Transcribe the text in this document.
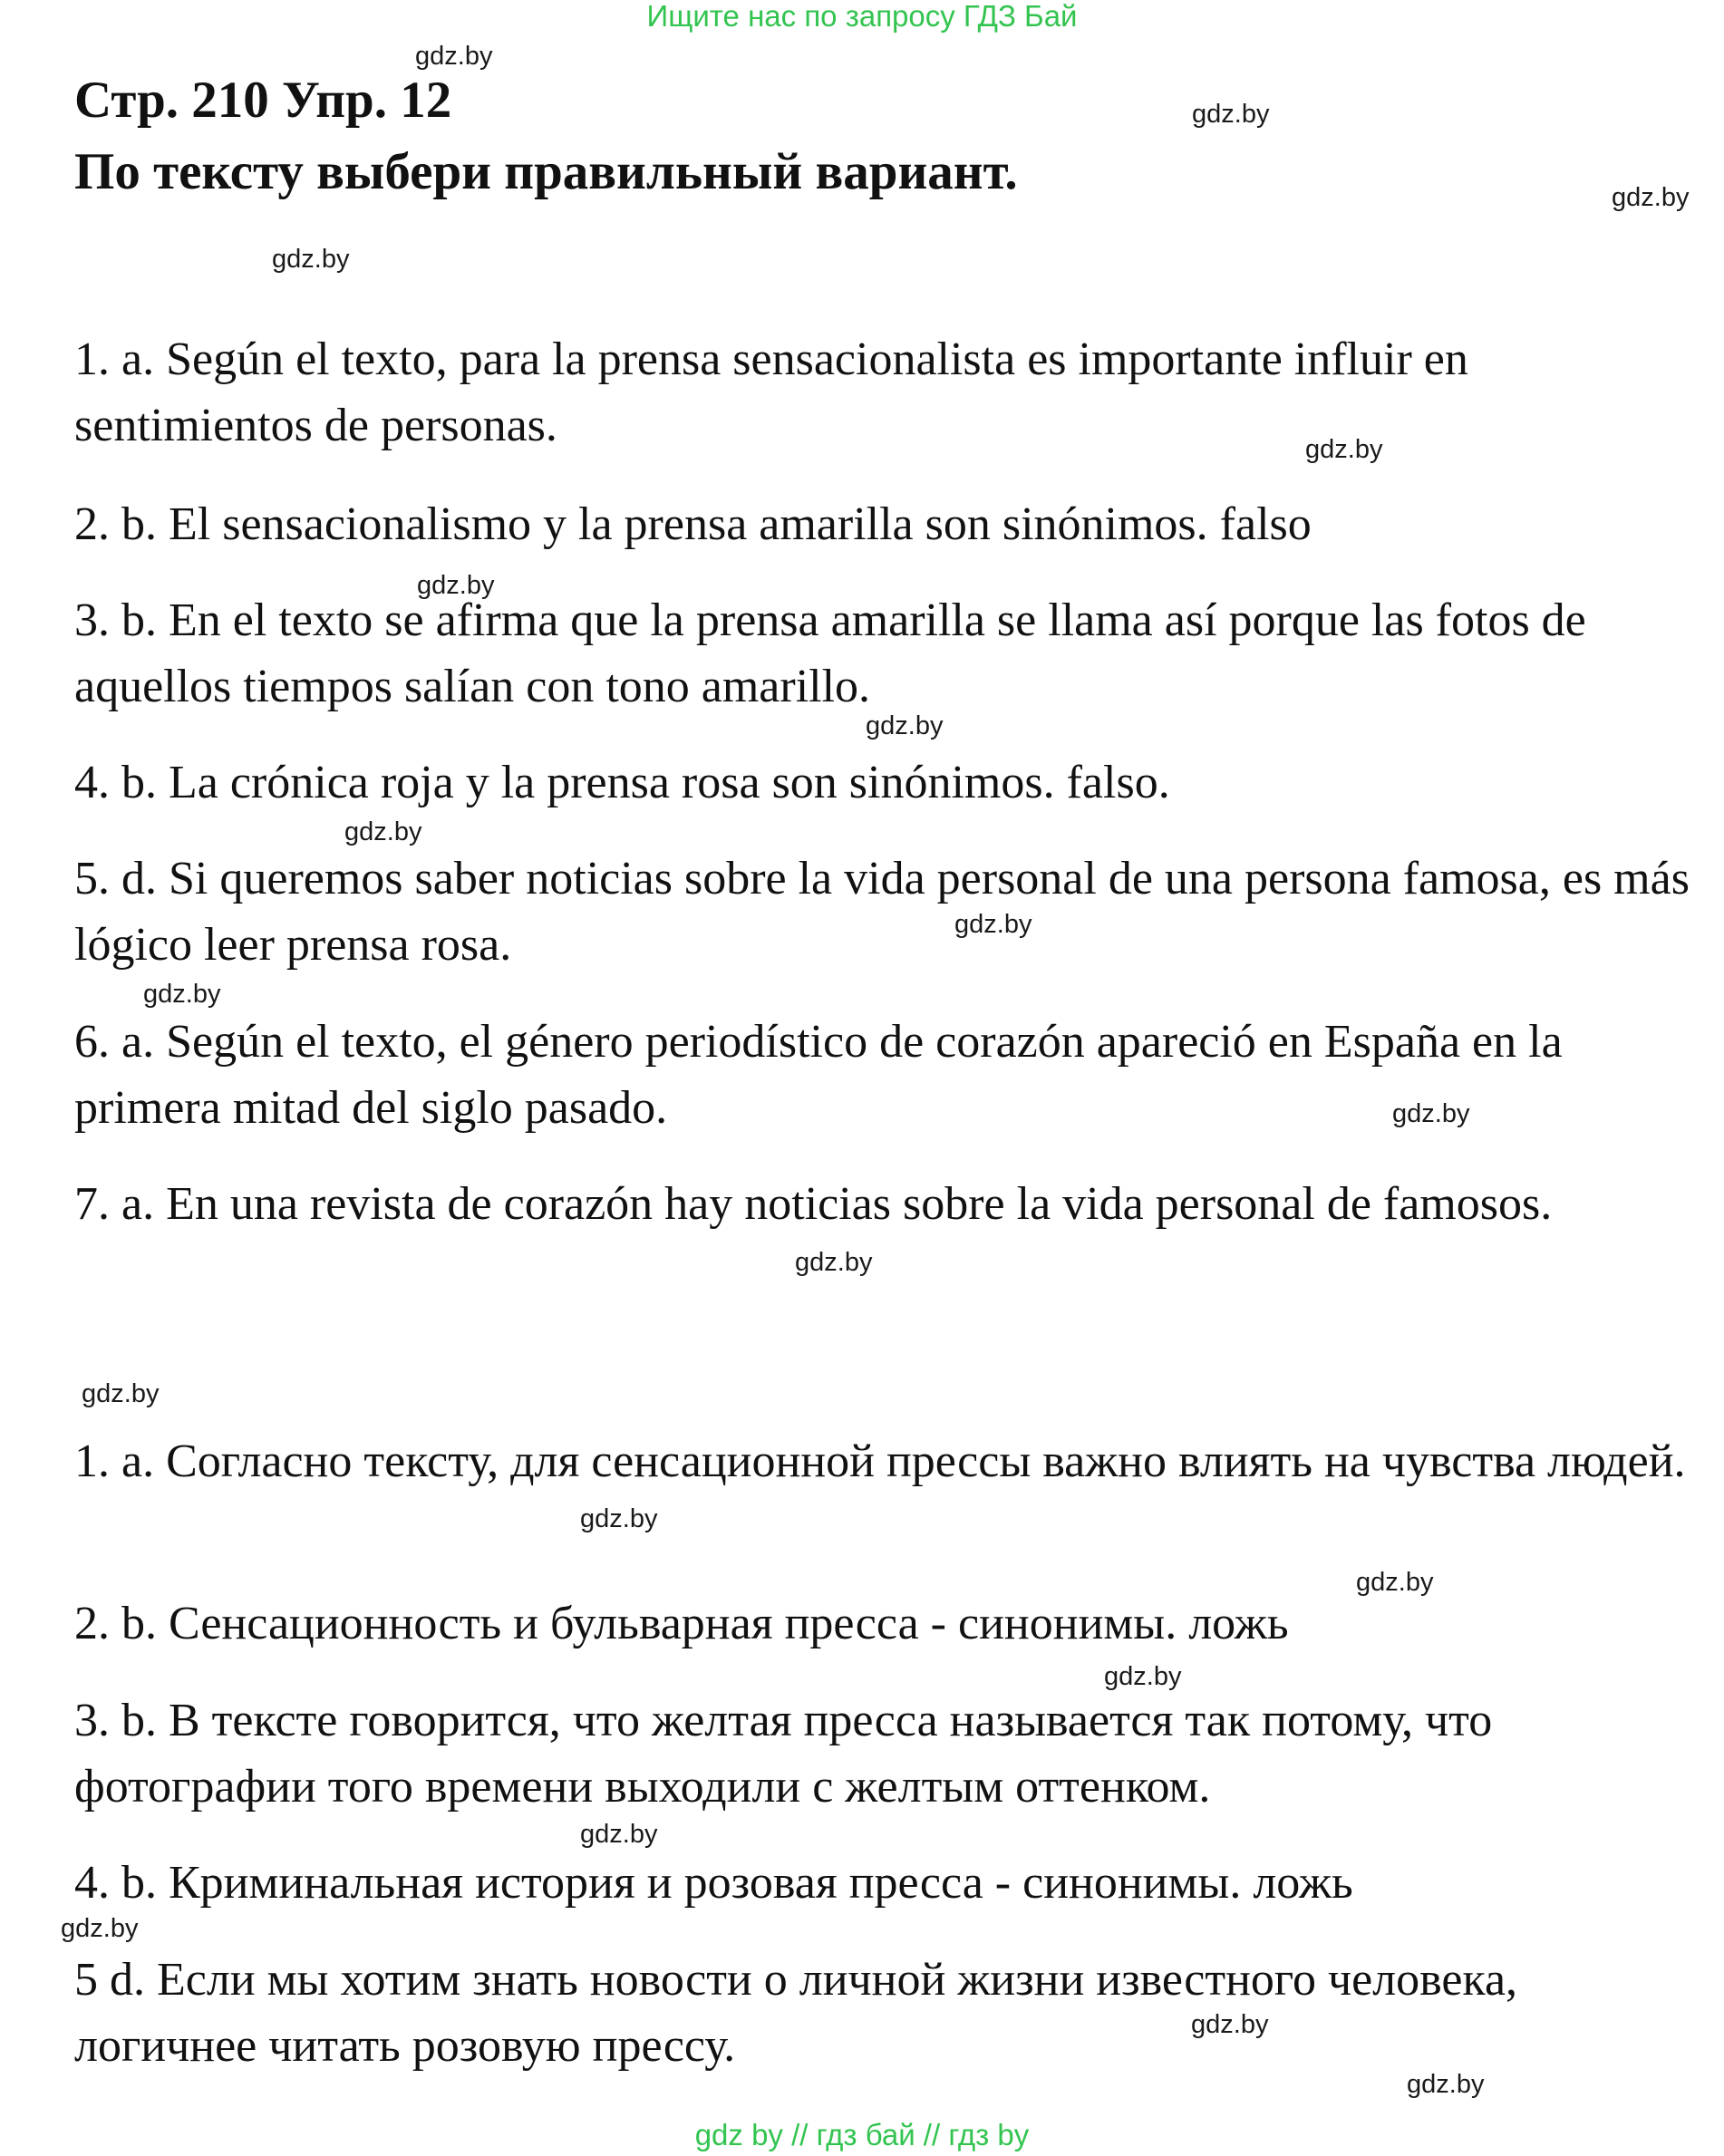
Ищите нас по запросу ГДЗ Бай
Стр. 210 Упр. 12
По тексту выбери правильный вариант.
1. a. Según el texto, para la prensa sensacionalista es importante influir en sentimientos de personas.
2. b. El sensacionalismo y la prensa amarilla son sinónimos. falso
3. b. En el texto se afirma que la prensa amarilla se llama así porque las fotos de aquellos tiempos salían con tono amarillo.
4. b. La crónica roja y la prensa rosa son sinónimos. falso.
5. d. Si queremos saber noticias sobre la vida personal de una persona famosa, es más lógico leer prensa rosa.
6. a. Según el texto, el género periodístico de corazón apareció en España en la primera mitad del siglo pasado.
7. a. En una revista de corazón hay noticias sobre la vida personal de famosos.
1. a. Согласно тексту, для сенсационной прессы важно влиять на чувства людей.
2. b. Сенсационность и бульварная пресса - синонимы. ложь
3. b. В тексте говорится, что желтая пресса называется так потому, что фотографии того времени выходили с желтым оттенком.
4. b. Криминальная история и розовая пресса - синонимы. ложь
5 d. Если мы хотим знать новости о личной жизни известного человека, логичнее читать розовую прессу.
gdz.by
gdz.by
gdz.by
gdz.by
gdz.by
gdz.by
gdz.by
gdz.by
gdz.by
gdz.by
gdz.by
gdz.by
gdz.by
gdz.by
gdz.by
gdz.by
gdz.by
gdz.by
gdz.by
gdz.by
gdz by // гдз бай // гдз by
